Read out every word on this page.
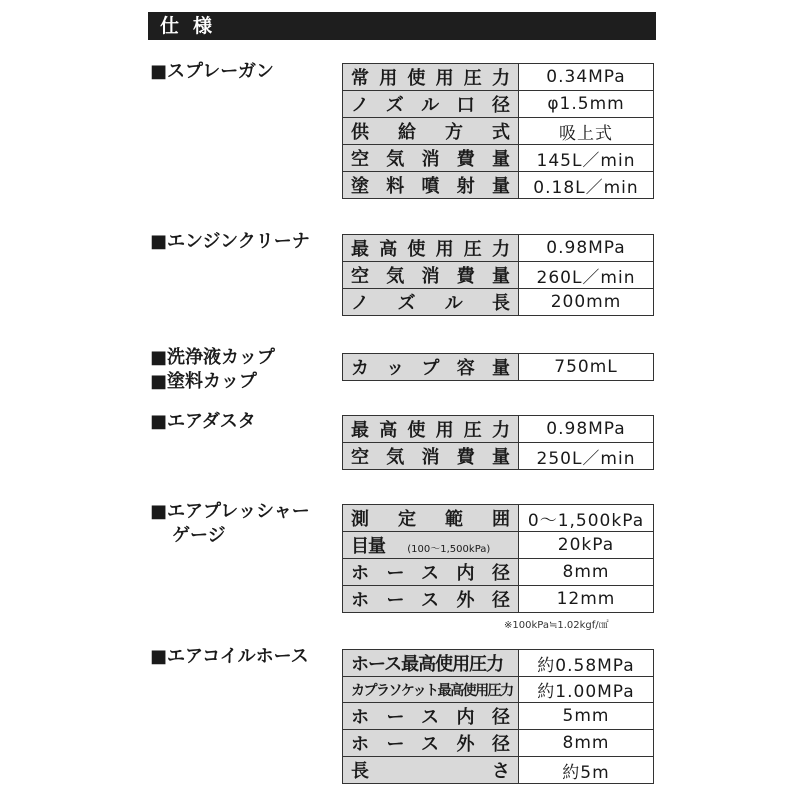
仕様
■スプレーガン	常用使用圧力	0.34MPa
ノズル口径	φ1.5mm
供給方式	吸上式
空気消費量	145L／min
塗料噴射量	0.18L／min
■エンジンクリーナ 最高使用圧力	0.98MPa
空気消費量	260L／min
ノズル長	200mm
■洗浄液カップ
■塗料カップ
カップ容量	750mL
■エアダスタ	最高使用圧力	0.98MPa
空気消費量	250L／min
■エアプレッシャー
ゲージ
測定範囲	0～1,500kPa
目量　 (100～1,500kPa)	20kPa
ホース内径	8mm
ホース外径	12mm
※100kPa≒1.02kgf/㎠
■エアコイルホース ホース最高使用圧力	約0.58MPa
カプラソケット最高使用圧力	約1.00MPa
ホース内径	5mm
ホース外径	8mm
長さ	約5m
